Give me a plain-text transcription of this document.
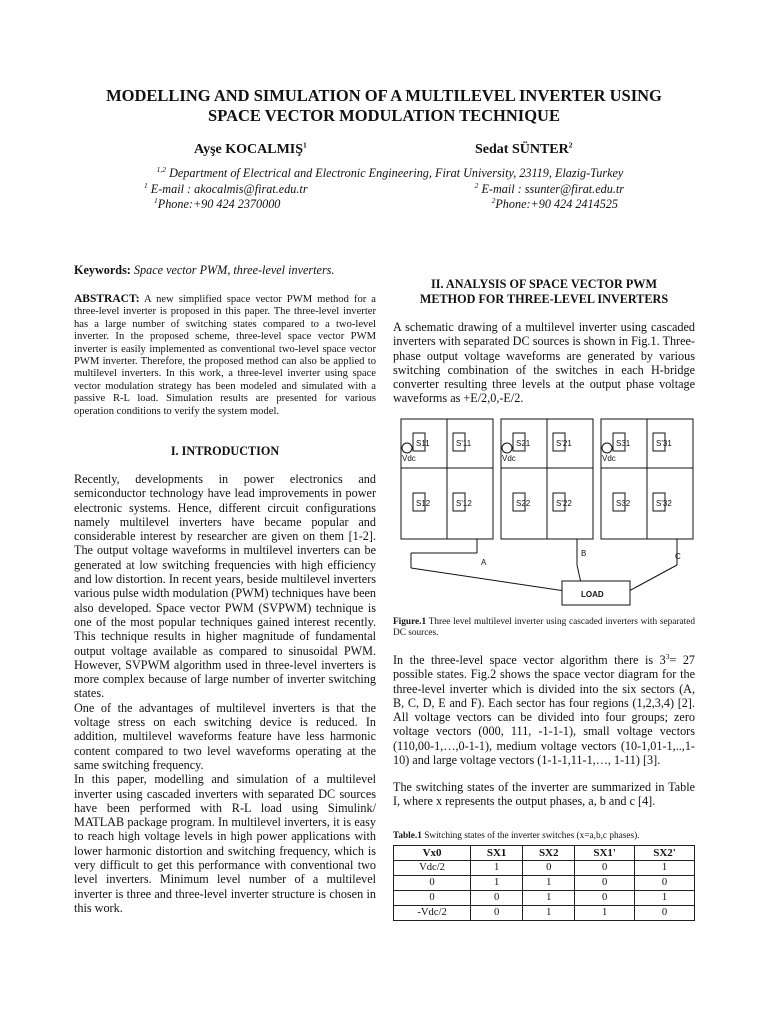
MODELLING AND SIMULATION OF A MULTILEVEL INVERTER USING
SPACE VECTOR MODULATION TECHNIQUE
Ayşe KOCALMIŞ$^1$	Sedat SÜNTER$^2$
$^{1,2}$ Department of Electrical and Electronic Engineering, Firat University, 23119, Elazig-Turkey
$^1$ E-mail : akocalmis@firat.edu.tr	$^2$ E-mail : ssunter@firat.edu.tr
$^1$Phone:+90 424 2370000	$^2$Phone:+90 424 2414525
Keywords: Space vector PWM, three-level inverters.
ABSTRACT: A new simplified space vector PWM method for a three-level inverter is proposed in this paper. The three-level inverter has a large number of switching states compared to a two-level inverter. In the proposed scheme, three-level space vector PWM inverter is easily implemented as conventional two-level space vector PWM inverter. Therefore, the proposed method can also be applied to multilevel inverters. In this work, a three-level inverter using space vector modulation strategy has been modeled and simulated with a passive R-L load. Simulation results are presented for various operation conditions to verify the system model.
I. INTRODUCTION

Recently, developments in power electronics and semiconductor technology have lead improvements in power electronic systems. Hence, different circuit configurations namely multilevel inverters have became popular and considerable interest by researcher are given on them [1-2]. The output voltage waveforms in multilevel inverters can be generated at low switching frequencies with high efficiency and low distortion. In recent years, beside multilevel inverters various pulse width modulation (PWM) techniques have been also developed. Space vector PWM (SVPWM) technique is one of the most popular techniques gained interest recently. This technique results in higher magnitude of fundamental output voltage available as compared to sinusoidal PWM. However, SVPWM algorithm used in three-level inverters is more complex because of large number of inverter switching states.

One of the advantages of multilevel inverters is that the voltage stress on each switching device is reduced. In addition, multilevel waveforms feature have less harmonic content compared to two level waveforms operating at the same switching frequency.

In this paper, modelling and simulation of a multilevel inverter using cascaded inverters with separated DC sources have been performed with R-L load using Simulink/ MATLAB package program. In multilevel inverters, it is easy to reach high voltage levels in high power applications with lower harmonic distortion and switching frequency, which is very difficult to get this performance with conventional two level inverters. Minimum level number of a multilevel inverter is three and three-level inverter structure is chosen in this work.

II. ANALYSIS OF SPACE VECTOR PWM
METHOD FOR THREE-LEVEL INVERTERS
A schematic drawing of a multilevel inverter using cascaded inverters with separated DC sources is shown in Fig.1. Three-phase output voltage waveforms are generated by various switching combination of the switches in each H-bridge converter resulting three levels at the output phase voltage waveforms as +E/2,0,-E/2.
S11	S'11
S12	S'12
S21	S'21
S22	S'22
S31	S'31
S32	S'32
Vdc	Vdc	Vdc
A
B	C
LOAD
Figure.1 Three level multilevel inverter using cascaded inverters with separated DC sources.
In the three-level space vector algorithm there is $3^3= 27$ possible states. Fig.2 shows the space vector diagram for the three-level inverter which is divided into the six sectors (A, B, C, D, E and F). Each sector has four regions (1,2,3,4) [2]. All voltage vectors can be divided into four groups; zero voltage vectors (000, 111, -1-1-1), small voltage vectors (110,00-1,…,0-1-1), medium voltage vectors (10-1,01-1,..,1-10) and large voltage vectors (1-1-1,11-1,…, 1-11) [3].
The switching states of the inverter are summarized in Table I, where x represents the output phases, a, b and c [4].
Table.1 Switching states of the inverter switches (x=a,b,c phases).
Vx0	SX1	SX2	SX1'	SX2'
Vdc/2	1	0	0	1
0	1	1	0	0
0	0	1	0	1
-Vdc/2	0	1	1	0
